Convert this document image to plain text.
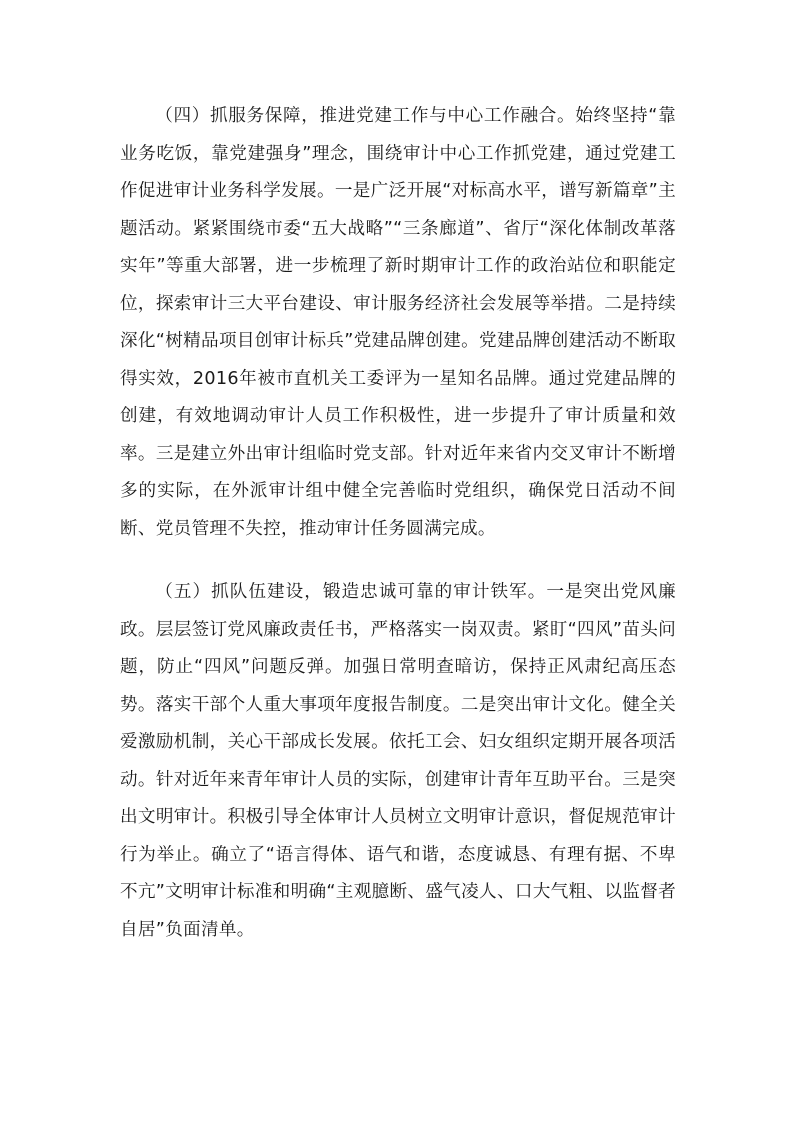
（四）抓服务保障，推进党建工作与中心工作融合。始终坚持“靠业务吃饭，靠党建强身”理念，围绕审计中心工作抓党建，通过党建工作促进审计业务科学发展。一是广泛开展“对标高水平，谱写新篇章”主题活动。紧紧围绕市委“五大战略”“三条廊道”、省厅“深化体制改革落实年”等重大部署，进一步梳理了新时期审计工作的政治站位和职能定位，探索审计三大平台建设、审计服务经济社会发展等举措。二是持续深化“树精品项目创审计标兵”党建品牌创建。党建品牌创建活动不断取得实效，2016年被市直机关工委评为一星知名品牌。通过党建品牌的创建，有效地调动审计人员工作积极性，进一步提升了审计质量和效率。三是建立外出审计组临时党支部。针对近年来省内交叉审计不断增多的实际，在外派审计组中健全完善临时党组织，确保党日活动不间断、党员管理不失控，推动审计任务圆满完成。

（五）抓队伍建设，锻造忠诚可靠的审计铁军。一是突出党风廉政。层层签订党风廉政责任书，严格落实一岗双责。紧盯“四风”苗头问题，防止“四风”问题反弹。加强日常明查暗访，保持正风肃纪高压态势。落实干部个人重大事项年度报告制度。二是突出审计文化。健全关爱激励机制，关心干部成长发展。依托工会、妇女组织定期开展各项活动。针对近年来青年审计人员的实际，创建审计青年互助平台。三是突出文明审计。积极引导全体审计人员树立文明审计意识，督促规范审计行为举止。确立了“语言得体、语气和谐，态度诚恳、有理有据、不卑不亢”文明审计标准和明确“主观臆断、盛气凌人、口大气粗、以监督者自居”负面清单。
